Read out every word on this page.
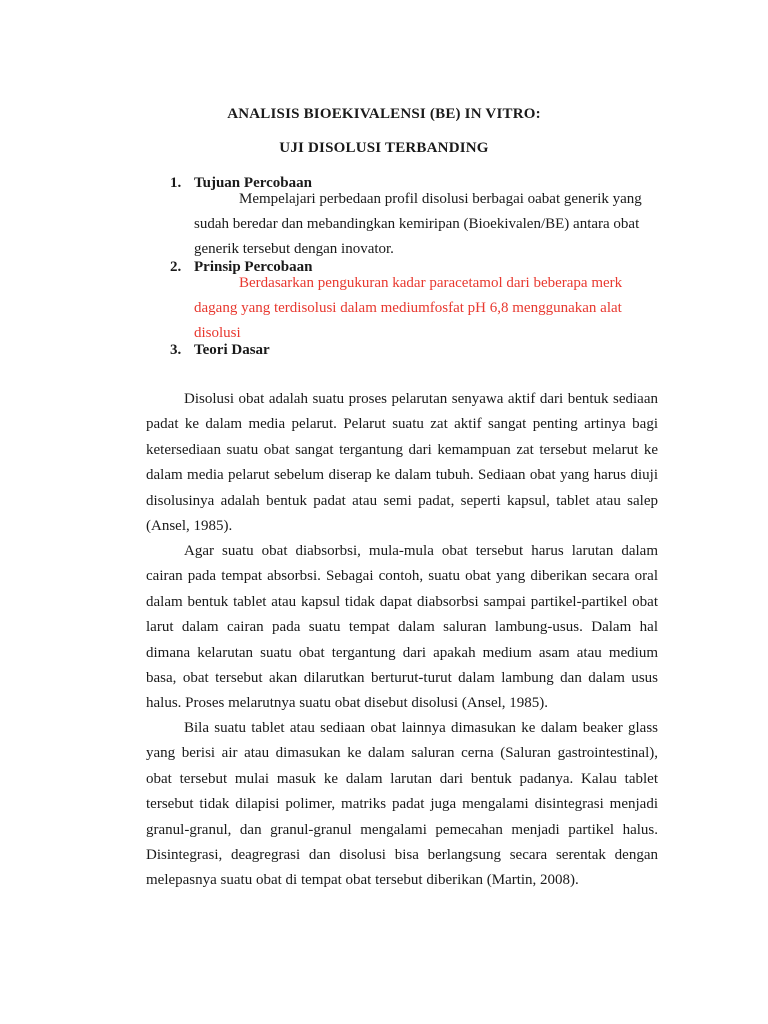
ANALISIS BIOEKIVALENSI (BE) IN VITRO:
UJI DISOLUSI TERBANDING
1. Tujuan Percobaan
Mempelajari perbedaan profil disolusi berbagai oabat generik yang sudah beredar dan mebandingkan kemiripan (Bioekivalen/BE) antara obat generik tersebut dengan inovator.
2. Prinsip Percobaan
Berdasarkan pengukuran kadar paracetamol dari beberapa merk dagang yang terdisolusi dalam mediumfosfat pH 6,8 menggunakan alat disolusi
3. Teori Dasar

Disolusi obat adalah suatu proses pelarutan senyawa aktif dari bentuk sediaan padat ke dalam media pelarut. Pelarut suatu zat aktif sangat penting artinya bagi ketersediaan suatu obat sangat tergantung dari kemampuan zat tersebut melarut ke dalam media pelarut sebelum diserap ke dalam tubuh. Sediaan obat yang harus diuji disolusinya adalah bentuk padat atau semi padat, seperti kapsul, tablet atau salep (Ansel, 1985).

Agar suatu obat diabsorbsi, mula-mula obat tersebut harus larutan dalam cairan pada tempat absorbsi. Sebagai contoh, suatu obat yang diberikan secara oral dalam bentuk tablet atau kapsul tidak dapat diabsorbsi sampai partikel-partikel obat larut dalam cairan pada suatu tempat dalam saluran lambung-usus. Dalam hal dimana kelarutan suatu obat tergantung dari apakah medium asam atau medium basa, obat tersebut akan dilarutkan berturut-turut dalam lambung dan dalam usus halus. Proses melarutnya suatu obat disebut disolusi (Ansel, 1985).

Bila suatu tablet atau sediaan obat lainnya dimasukan ke dalam beaker glass yang berisi air atau dimasukan ke dalam saluran cerna (Saluran gastrointestinal), obat tersebut mulai masuk ke dalam larutan dari bentuk padanya. Kalau tablet tersebut tidak dilapisi polimer, matriks padat juga mengalami disintegrasi menjadi granul-granul, dan granul-granul mengalami pemecahan menjadi partikel halus. Disintegrasi, deagregrasi dan disolusi bisa berlangsung secara serentak dengan melepasnya suatu obat di tempat obat tersebut diberikan (Martin, 2008).
